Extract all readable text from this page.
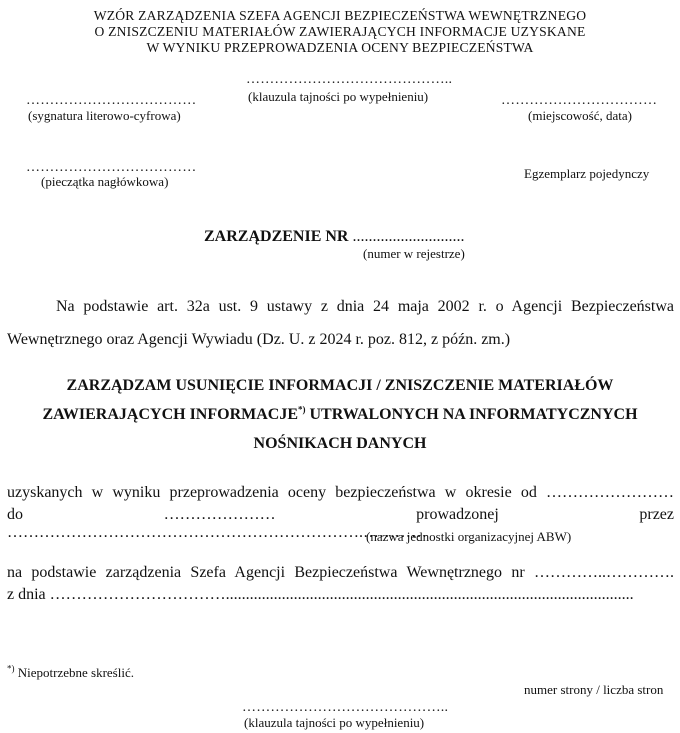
WZÓR ZARZĄDZENIA SZEFA AGENCJI BEZPIECZEŃSTWA WEWNĘTRZNEGO
O ZNISZCZENIU MATERIAŁÓW ZAWIERAJĄCYCH INFORMACJE UZYSKANE
W WYNIKU PRZEPROWADZENIA OCENY BEZPIECZEŃSTWA
……………………………………..
(klauzula tajności po wypełnieniu)
………………………………
(sygnatura literowo-cyfrowa)
……………………………
(miejscowość, data)
………………………………
(pieczątka nagłówkowa)
Egzemplarz pojedynczy
ZARZĄDZENIE NR ............................
(numer w rejestrze)
Na podstawie art. 32a ust. 9 ustawy z dnia 24 maja 2002 r. o Agencji Bezpieczeństwa
Wewnętrznego oraz Agencji Wywiadu (Dz. U. z 2024 r. poz. 812, z późn. zm.)
ZARZĄDZAM USUNIĘCIE INFORMACJI / ZNISZCZENIE MATERIAŁÓW
ZAWIERAJĄCYCH INFORMACJE*) UTRWALONYCH NA INFORMATYCZNYCH
NOŚNIKACH DANYCH
uzyskanych w wyniku przeprowadzenia oceny bezpieczeństwa w okresie od ……………………
do ………………… prowadzonej przez ………………………………………………………….…………
(nazwa jednostki organizacyjnej ABW)
na podstawie zarządzenia Szefa Agencji Bezpieczeństwa Wewnętrznego nr …………..………….
z dnia ……………………………......................................................................................................
*) Niepotrzebne skreślić.
numer strony / liczba stron
……………………………………..
(klauzula tajności po wypełnieniu)
